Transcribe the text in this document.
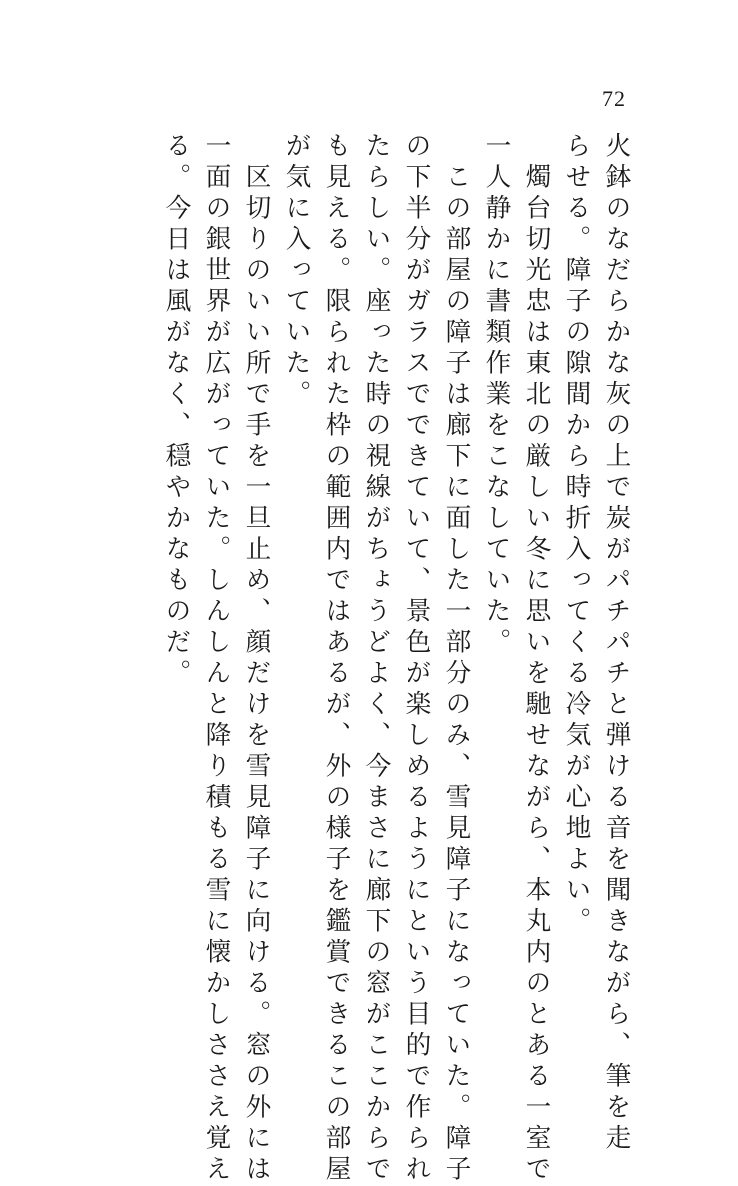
72
火鉢のなだらかな灰の上で炭がパチパチと弾ける音を聞きながら、筆を走
らせる。障子の隙間から時折入ってくる冷気が心地よい。
燭台切光忠は東北の厳しい冬に思いを馳せながら、本丸内のとある一室で
一人静かに書類作業をこなしていた。
この部屋の障子は廊下に面した一部分のみ、雪見障子になっていた。障子
の下半分がガラスでできていて、景色が楽しめるようにという目的で作られ
たらしい。座った時の視線がちょうどよく、今まさに廊下の窓がここからで
も見える。限られた枠の範囲内ではあるが、外の様子を鑑賞できるこの部屋
が気に入っていた。
区切りのいい所で手を一旦止め、顔だけを雪見障子に向ける。窓の外には
一面の銀世界が広がっていた。しんしんと降り積もる雪に懐かしささえ覚え
る。今日は風がなく、穏やかなものだ。
